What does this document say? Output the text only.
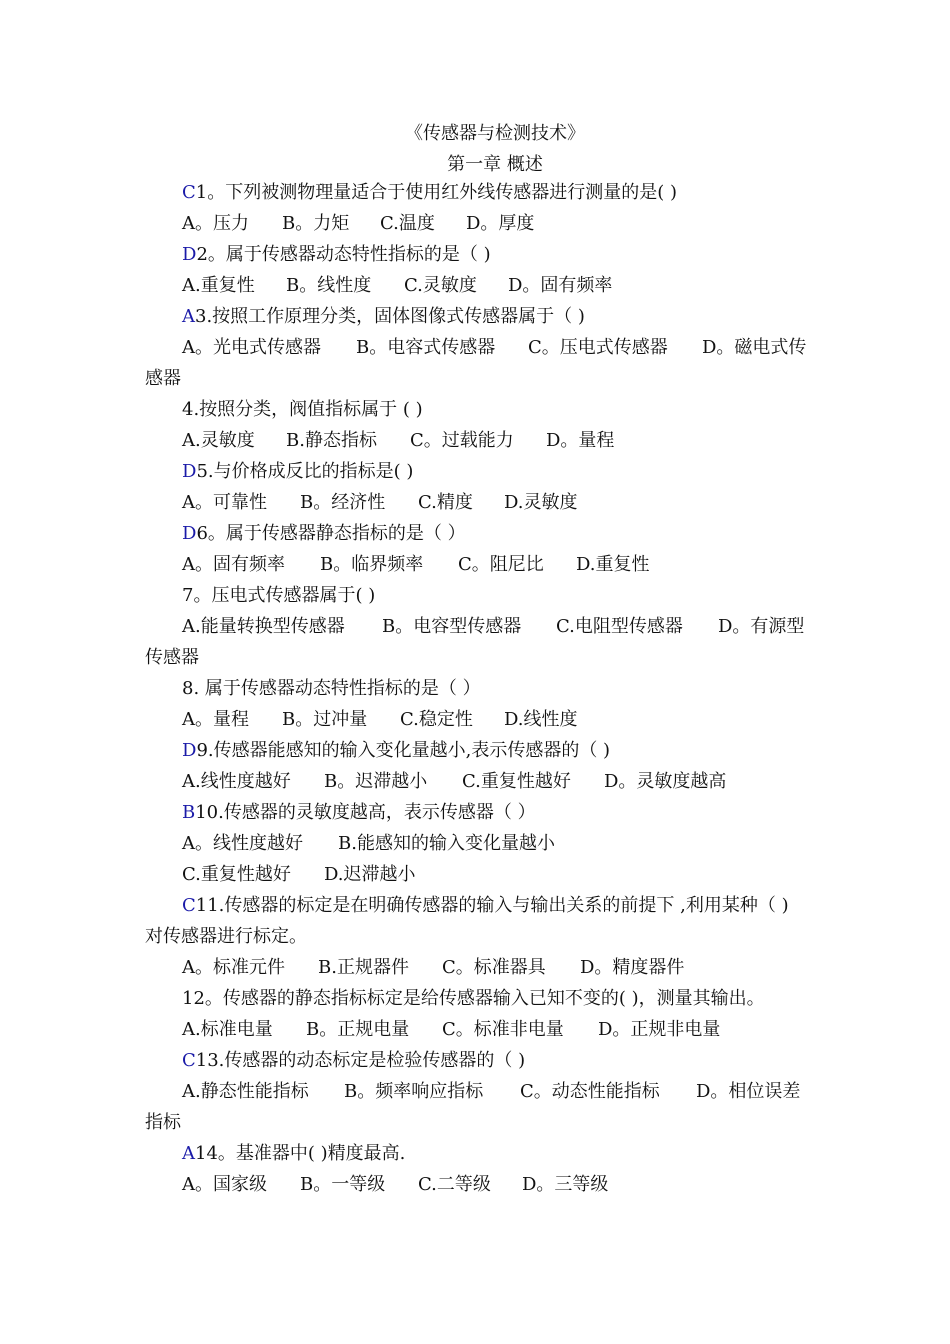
《传感器与检测技术》
第一章 概述
C1。下列被测物理量适合于使用红外线传感器进行测量的是( )
A。压力 B。力矩 C.温度 D。厚度
D2。属于传感器动态特性指标的是（ )
A.重复性 B。线性度 C.灵敏度 D。固有频率
A3.按照工作原理分类，固体图像式传感器属于（ )
A。光电式传感器 B。电容式传感器 C。压电式传感器 D。磁电式传
感器
4.按照分类，阀值指标属于 ( )
A.灵敏度 B.静态指标 C。过载能力 D。量程
D5.与价格成反比的指标是( )
A。可靠性 B。经济性 C.精度 D.灵敏度
D6。属于传感器静态指标的是（ ）
A。固有频率 B。临界频率 C。阻尼比 D.重复性
7。压电式传感器属于( )
A.能量转换型传感器 B。电容型传感器 C.电阻型传感器 D。有源型
传感器
8. 属于传感器动态特性指标的是（ ）
A。量程 B。过冲量 C.稳定性 D.线性度
D9.传感器能感知的输入变化量越小,表示传感器的（ )
A.线性度越好 B。迟滞越小 C.重复性越好 D。灵敏度越高
B10.传感器的灵敏度越高，表示传感器（ ）
A。线性度越好 B.能感知的输入变化量越小
C.重复性越好 D.迟滞越小
C11.传感器的标定是在明确传感器的输入与输出关系的前提下 ,利用某种（ )
对传感器进行标定。
A。标准元件 B.正规器件 C。标准器具 D。精度器件
12。传感器的静态指标标定是给传感器输入已知不变的( )，测量其输出。
A.标准电量 B。正规电量 C。标准非电量 D。正规非电量
C13.传感器的动态标定是检验传感器的（ )
A.静态性能指标 B。频率响应指标 C。动态性能指标 D。相位误差
指标
A14。基准器中( )精度最高.
A。国家级 B。一等级 C.二等级 D。三等级
